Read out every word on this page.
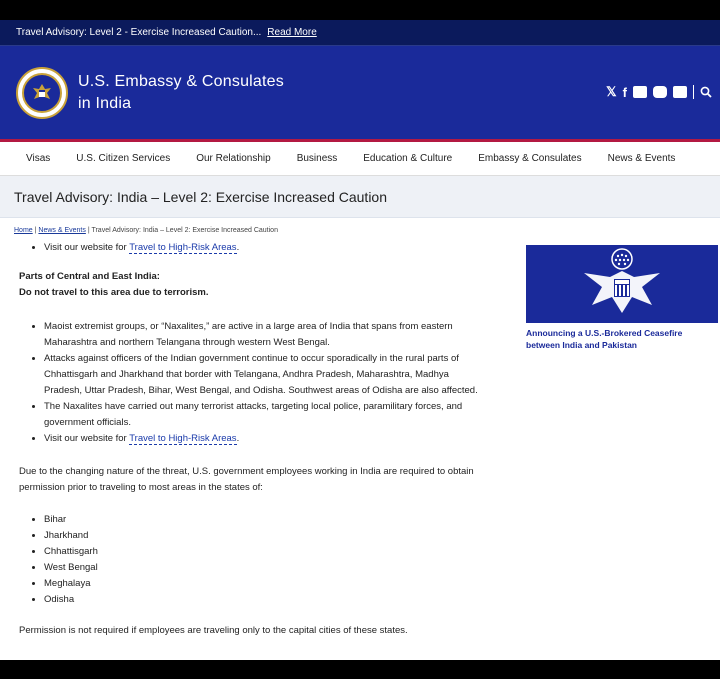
Travel Advisory: Level 2 - Exercise Increased Caution... Read More
U.S. Embassy & Consulates
in India
𝕏 f
Visas	U.S. Citizen Services	Our Relationship	Business	Education & Culture	Embassy & Consulates	News & Events
Travel Advisory: India – Level 2: Exercise Increased Caution
Home | News & Events | Travel Advisory: India – Level 2: Exercise Increased Caution
• Visit our website for Travel to High-Risk Areas.
Parts of Central and East India:
Do not travel to this area due to terrorism.
• Maoist extremist groups, or “Naxalites,” are active in a large area of India that spans from eastern Maharashtra and northern Telangana through western West Bengal.
• Attacks against officers of the Indian government continue to occur sporadically in the rural parts of Chhattisgarh and Jharkhand that border with Telangana, Andhra Pradesh, Maharashtra, Madhya Pradesh, Uttar Pradesh, Bihar, West Bengal, and Odisha. Southwest areas of Odisha are also affected.
• The Naxalites have carried out many terrorist attacks, targeting local police, paramilitary forces, and government officials.
• Visit our website for Travel to High-Risk Areas.
Due to the changing nature of the threat, U.S. government employees working in India are required to obtain permission prior to traveling to most areas in the states of:
• Bihar
• Jharkhand
• Chhattisgarh
• West Bengal
• Meghalaya
• Odisha
Permission is not required if employees are traveling only to the capital cities of these states.
Announcing a U.S.-Brokered Ceasefire between India and Pakistan
